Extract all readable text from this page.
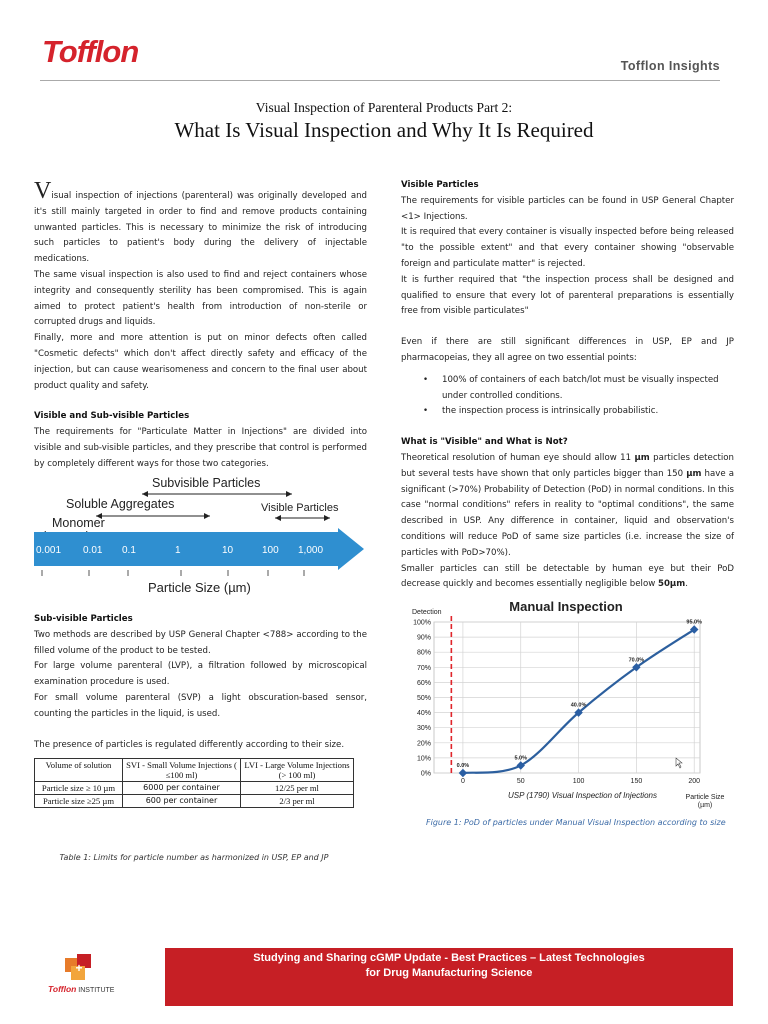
Tofflon	Tofflon Insights
Visual Inspection of Parenteral Products Part 2:
What Is Visual Inspection and Why It Is Required

Visual inspection of injections (parenteral) was originally developed and it's still mainly targeted in order to find and remove products containing unwanted particles. This is necessary to minimize the risk of introducing such particles to patient's body during the delivery of injectable medications.

The same visual inspection is also used to find and reject containers whose integrity and consequently sterility has been compromised. This is again aimed to protect patient's health from introduction of non-sterile or corrupted drugs and liquids.

Finally, more and more attention is put on minor defects often called "Cosmetic defects" which don't affect directly safety and efficacy of the injection, but can cause wearisomeness and concern to the final user about product quality and safety.

Visible and Sub-visible Particles

The requirements for "Particulate Matter in Injections" are divided into visible and sub-visible particles, and they prescribe that control is performed by completely different ways for those two categories.

Subvisible Particles
Soluble Aggregates	Visible Particles
Monomer
0.001 0.01 0.1	1	10	100 1,000
Particle Size (µm)

Sub-visible Particles

Two methods are described by USP General Chapter <788> according to the filled volume of the product to be tested.

For large volume parenteral (LVP), a filtration followed by microscopical examination procedure is used.

For small volume parenteral (SVP) a light obscuration-based sensor, counting the particles in the liquid, is used.

The presence of particles is regulated differently according to their size.

Volume of solution	SVI - Small Volume Injections ( ≤100 ml)	LVI - Large Volume Injections (> 100 ml)
Particle size ≥ 10 µm	6000 per container	12/25 per ml
Particle size ≥25 µm	600 per container	2/3 per ml
Table 1: Limits for particle number as harmonized in USP, EP and JP

Visible Particles

The requirements for visible particles can be found in USP General Chapter <1> Injections.

It is required that every container is visually inspected before being released "to the possible extent" and that every container showing "observable foreign and particulate matter" is rejected.

It is further required that "the inspection process shall be designed and qualified to ensure that every lot of parenteral preparations is essentially free from visible particulates"

Even if there are still significant differences in USP, EP and JP pharmacopeias, they all agree on two essential points:

• 100% of containers of each batch/lot must be visually inspected under controlled conditions.
• the inspection process is intrinsically probabilistic.

What is "Visible" and What is Not?

Theoretical resolution of human eye should allow 11 µm particles detection but several tests have shown that only particles bigger than 150 µm have a significant (>70%) Probability of Detection (PoD) in normal conditions. In this case "normal conditions" refers in reality to "optimal conditions", the same described in USP. Any difference in container, liquid and observation's conditions will reduce PoD of same size particles (i.e. increase the size of particles with PoD>70%).

Smaller particles can still be detectable by human eye but their PoD decrease quickly and becomes essentially negligible below 50µm.

Manual Inspection
Detection
0%
10%
20%
30%
40%
50%
60%
70%
80%
90%
100%
0	50	100	150	200
0.0%
5.0%
40.0%
70.0%
95.0%
USP (1790) Visual Inspection of Injections	Particle Size
(µm)
Figure 1: PoD of particles under Manual Visual Inspection according to size
+
Tofflon INSTITUTE
Studying and Sharing cGMP Update - Best Practices – Latest Technologies
for Drug Manufacturing Science
